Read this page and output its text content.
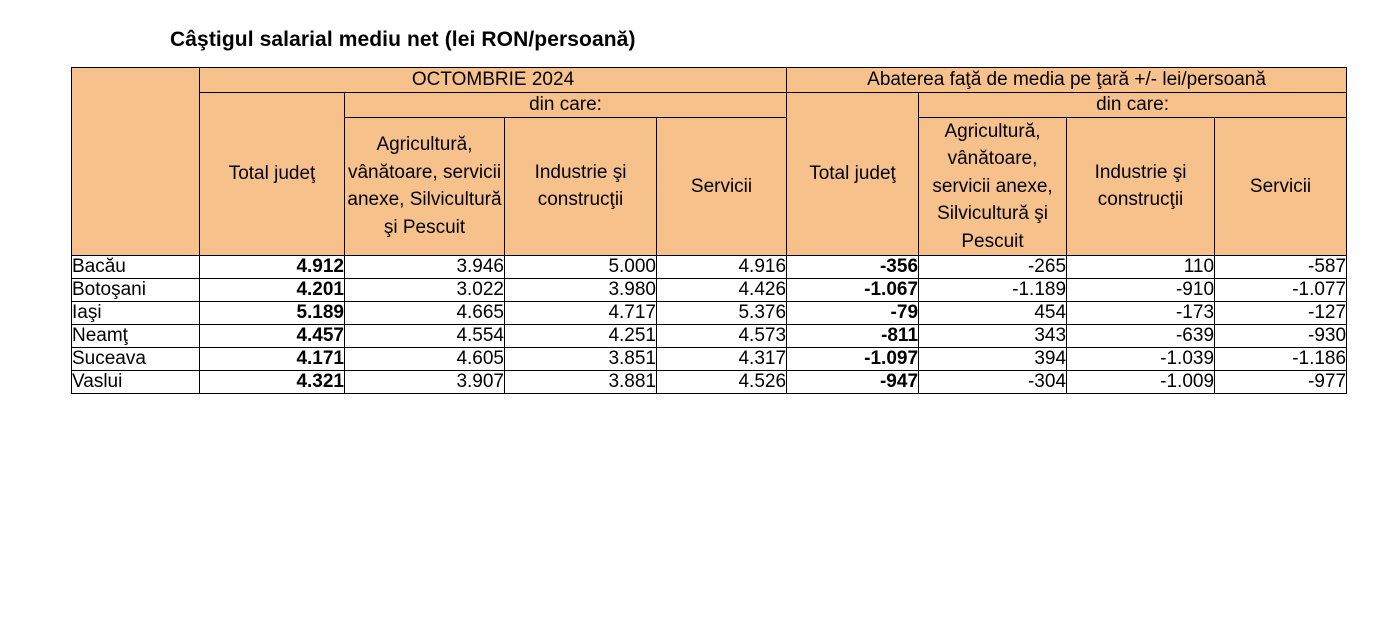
Câştigul salarial mediu net (lei RON/persoană)
	OCTOMBRIE 2024				Abaterea faţă de media pe ţară +/- lei/persoană			
	Total judeţ	din care:			Total judeţ	din care:		
		Agricultură, vânătoare, servicii anexe, Silvicultură şi Pescuit	Industrie şi construcţii	Servicii		Agricultură, vânătoare, servicii anexe, Silvicultură şi Pescuit	Industrie şi construcţii	Servicii
Bacău	4.912	3.946	5.000	4.916	-356	-265	110	-587
Botoşani	4.201	3.022	3.980	4.426	-1.067	-1.189	-910	-1.077
Iaşi	5.189	4.665	4.717	5.376	-79	454	-173	-127
Neamţ	4.457	4.554	4.251	4.573	-811	343	-639	-930
Suceava	4.171	4.605	3.851	4.317	-1.097	394	-1.039	-1.186
Vaslui	4.321	3.907	3.881	4.526	-947	-304	-1.009	-977
